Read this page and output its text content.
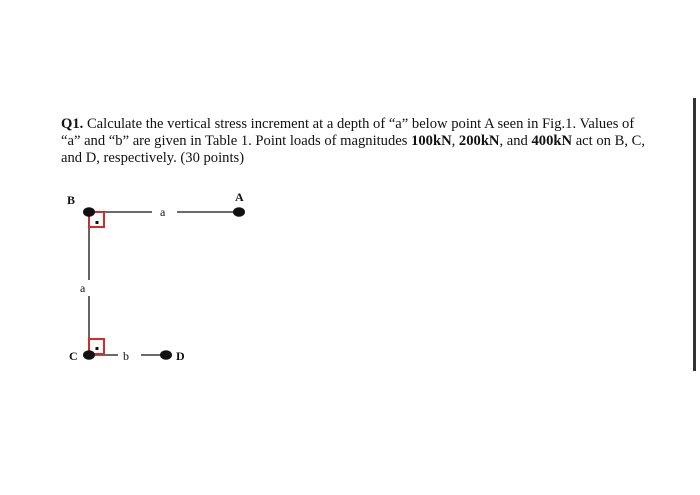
Q1. Calculate the vertical stress increment at a depth of “a” below point A seen in Fig.1. Values of “a” and “b” are given in Table 1. Point loads of magnitudes 100kN, 200kN, and 400kN act on B, C, and D, respectively. (30 points)

B	A
a
a
C	b	D
